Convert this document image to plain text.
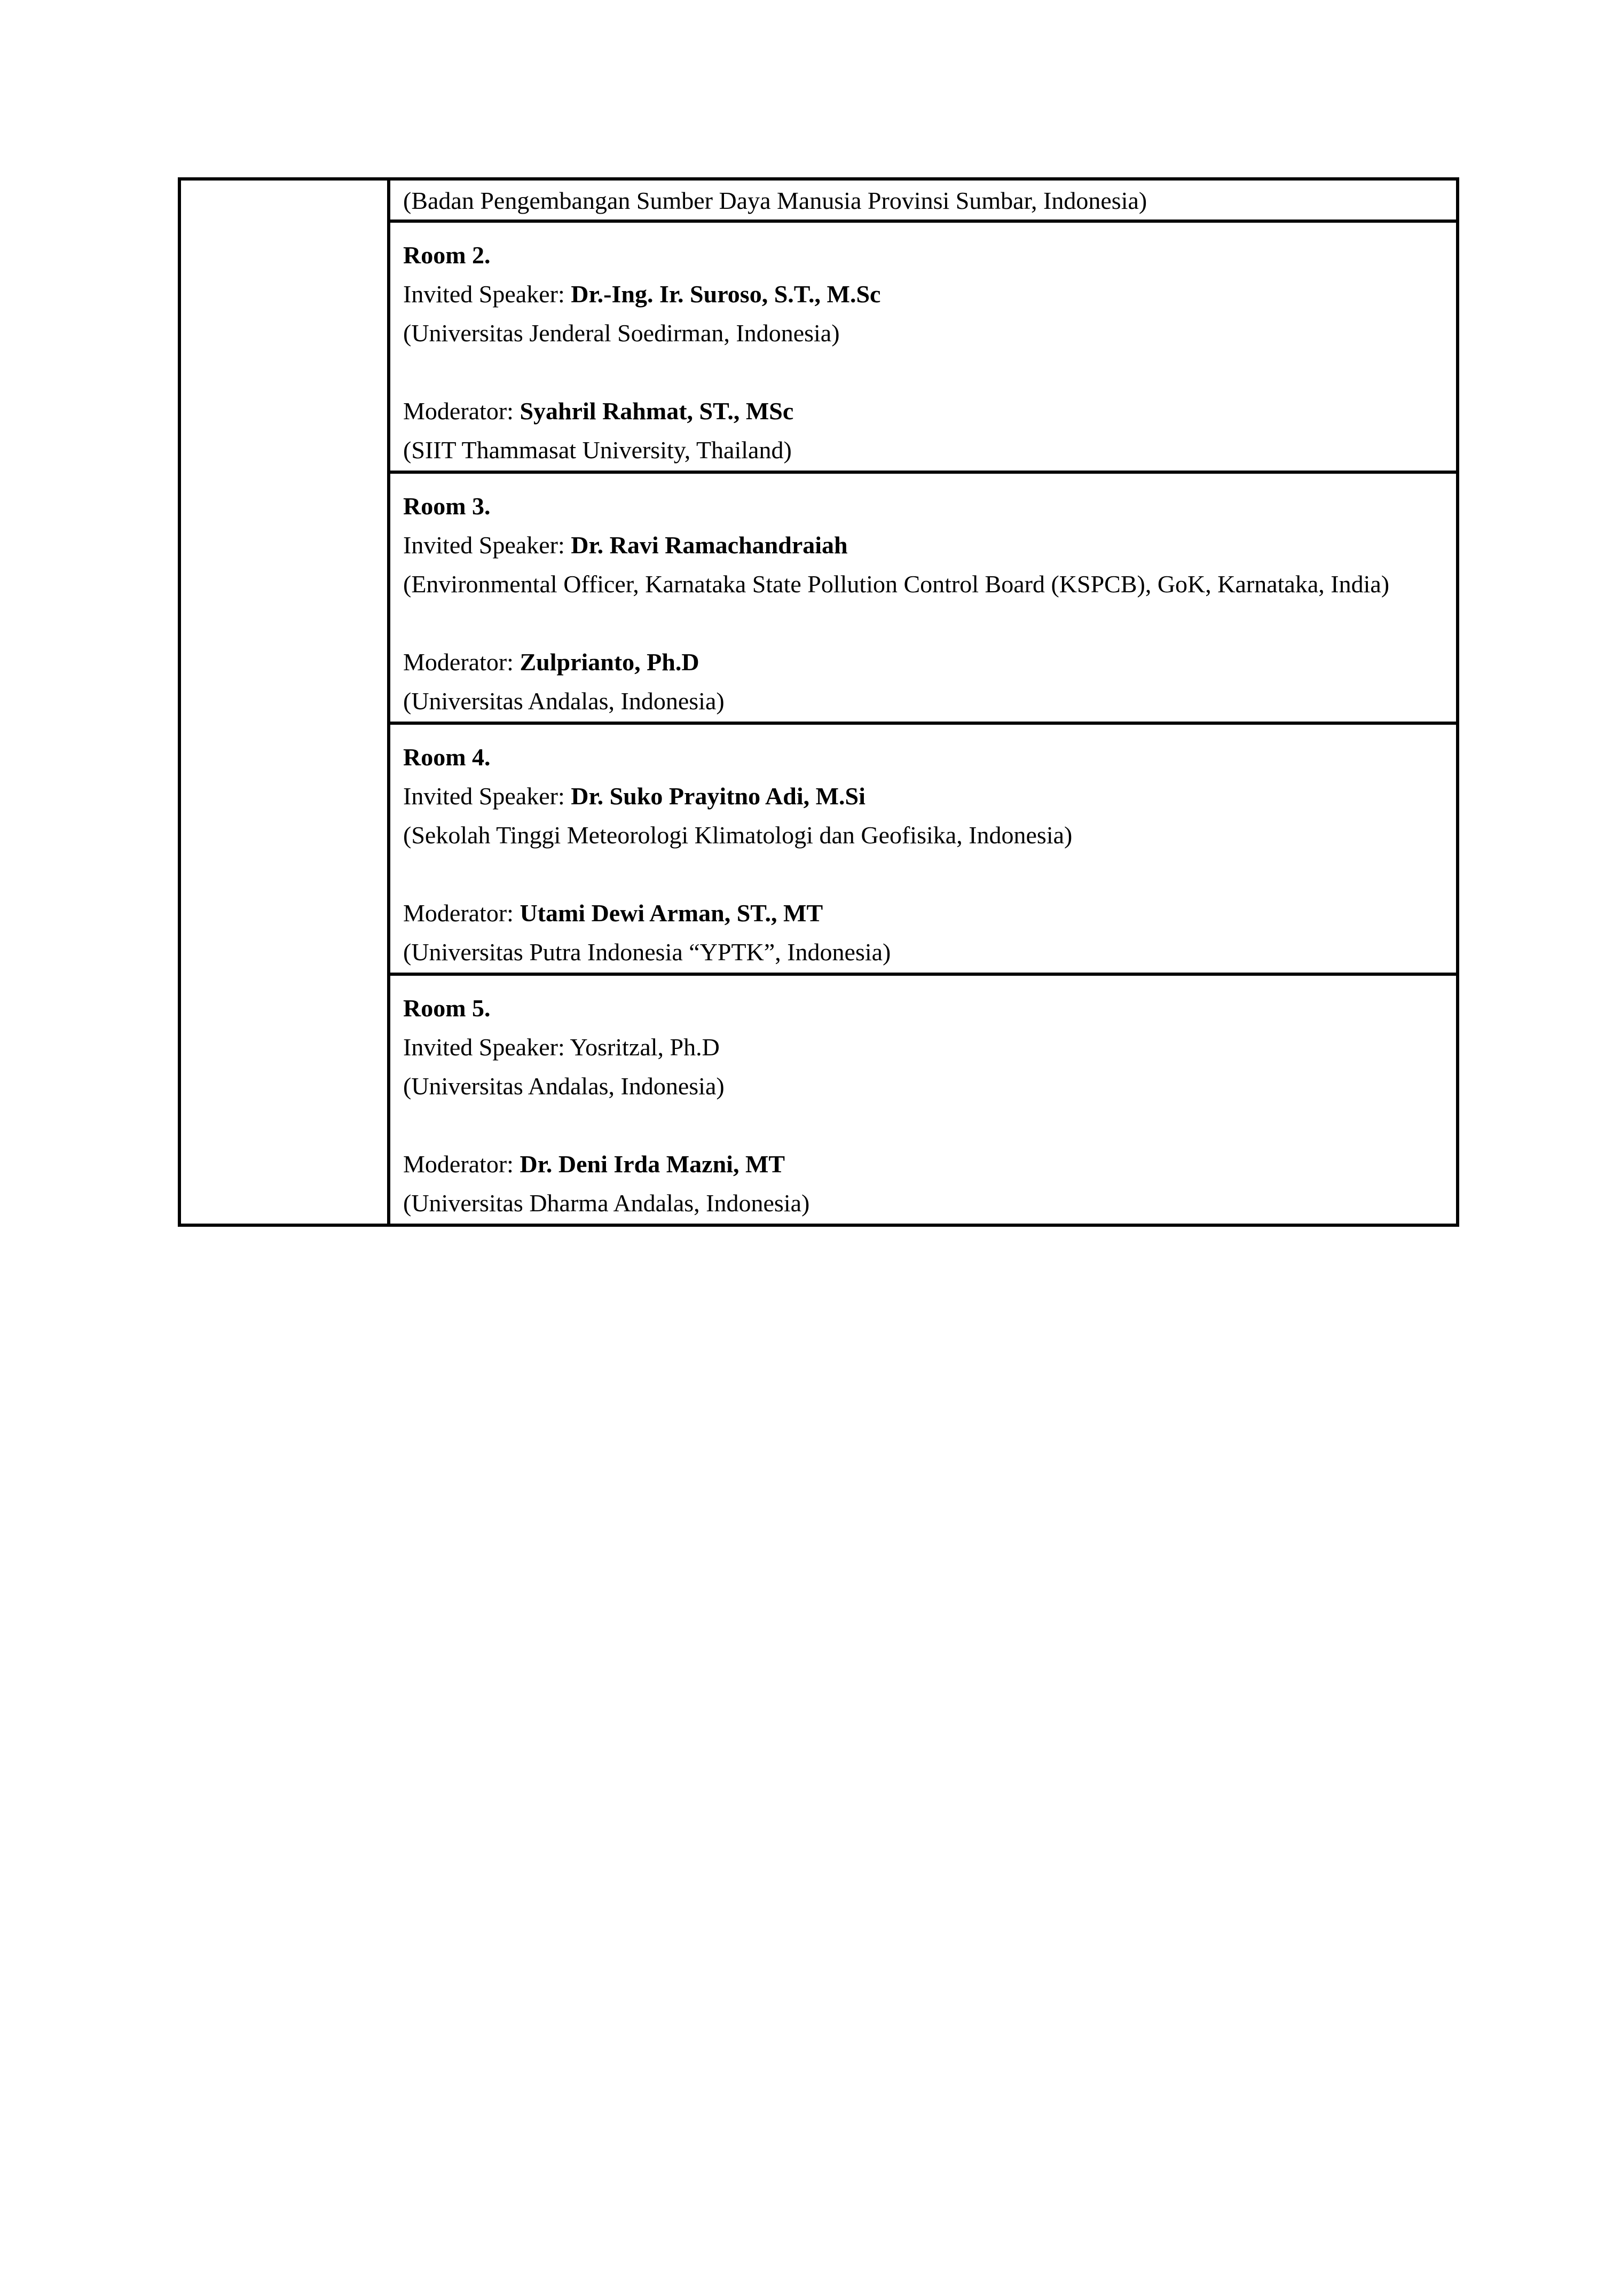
(Badan Pengembangan Sumber Daya Manusia Provinsi Sumbar, Indonesia)

Room 2.
Invited Speaker: Dr.-Ing. Ir. Suroso, S.T., M.Sc
(Universitas Jenderal Soedirman, Indonesia)
Moderator: Syahril Rahmat, ST., MSc
(SIIT Thammasat University, Thailand)

Room 3.
Invited Speaker: Dr. Ravi Ramachandraiah
(Environmental Officer, Karnataka State Pollution Control Board (KSPCB), GoK, Karnataka, India)
Moderator: Zulprianto, Ph.D
(Universitas Andalas, Indonesia)

Room 4.
Invited Speaker: Dr. Suko Prayitno Adi, M.Si
(Sekolah Tinggi Meteorologi Klimatologi dan Geofisika, Indonesia)
Moderator: Utami Dewi Arman, ST., MT
(Universitas Putra Indonesia “YPTK”, Indonesia)

Room 5.
Invited Speaker: Yosritzal, Ph.D
(Universitas Andalas, Indonesia)
Moderator: Dr. Deni Irda Mazni, MT
(Universitas Dharma Andalas, Indonesia)
